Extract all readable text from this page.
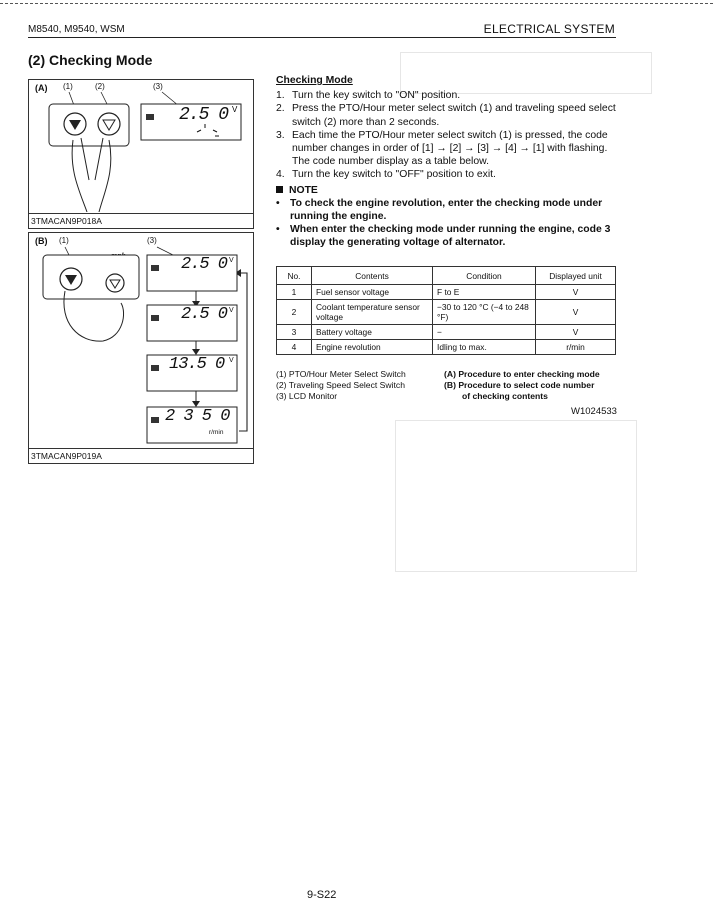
M8540, M9540, WSM	ELECTRICAL SYSTEM
(2) Checking Mode
(A) (1)	(2)	(3)
V
2.5 0
3TMACAN9P018A
(B) (1)	(3)
2.5 0 V
2.5 0 V
13.5 0 V
2 3 5 0
r/min
3TMACAN9P019A
Checking Mode
1. Turn the key switch to "ON" position.
2. Press the PTO/Hour meter select switch (1) and traveling speed select switch (2) more than 2 seconds.
3. Each time the PTO/Hour meter select switch (1) is pressed, the code number changes in order of [1] → [2] → [3] → [4] → [1] with flashing. The code number display as a table below.
4. Turn the key switch to "OFF" position to exit.
NOTE
• To check the engine revolution, enter the checking mode under running the engine.
• When enter the checking mode under running the engine, code 3 display the generating voltage of alternator.
No.	Contents	Condition	Displayed unit
1	Fuel sensor voltage	F to E	V
2	Coolant temperature sensor voltage	−30 to 120 °C (−4 to 248 °F)	V
3	Battery voltage	−	V
4	Engine revolution	Idling to max.	r/min
(1) PTO/Hour Meter Select Switch
(2) Traveling Speed Select Switch
(3) LCD Monitor
(A) Procedure to enter checking mode
(B) Procedure to select code number
of checking contents
W1024533
9-S22
